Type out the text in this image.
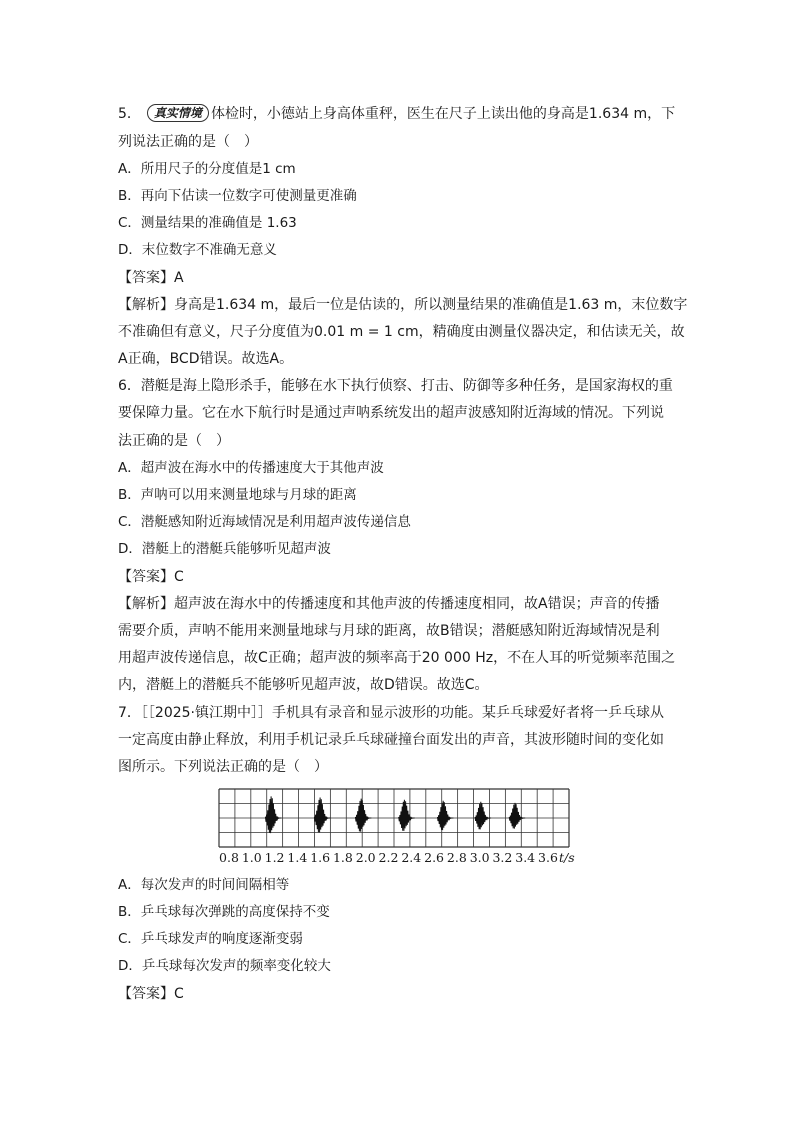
5． 真实情境 体检时，小德站上身高体重秤，医生在尺子上读出他的身高是1.634 m，下
列说法正确的是（　）
A．所用尺子的分度值是1 cm
B．再向下估读一位数字可使测量更准确
C．测量结果的准确值是 1.63
D．末位数字不准确无意义
【答案】A
【解析】身高是1.634 m，最后一位是估读的，所以测量结果的准确值是1.63 m，末位数字
不准确但有意义，尺子分度值为0.01 m = 1 cm，精确度由测量仪器决定，和估读无关，故
A正确，BCD错误。故选A。
6．潜艇是海上隐形杀手，能够在水下执行侦察、打击、防御等多种任务，是国家海权的重
要保障力量。它在水下航行时是通过声呐系统发出的超声波感知附近海域的情况。下列说
法正确的是（　）
A．超声波在海水中的传播速度大于其他声波
B．声呐可以用来测量地球与月球的距离
C．潜艇感知附近海域情况是利用超声波传递信息
D．潜艇上的潜艇兵能够听见超声波
【答案】C
【解析】超声波在海水中的传播速度和其他声波的传播速度相同，故A错误；声音的传播
需要介质，声呐不能用来测量地球与月球的距离，故B错误；潜艇感知附近海域情况是利
用超声波传递信息，故C正确；超声波的频率高于20 000 Hz，不在人耳的听觉频率范围之
内，潜艇上的潜艇兵不能够听见超声波，故D错误。故选C。
7．［［2025·镇江期中］］手机具有录音和显示波形的功能。某乒乓球爱好者将一乒乓球从
一定高度由静止释放，利用手机记录乒乓球碰撞台面发出的声音，其波形随时间的变化如
图所示。下列说法正确的是（　）
0.8 1.0 1.2 1.4 1.6 1.8 2.0 2.2 2.4 2.6 2.8 3.0 3.2 3.4 3.6 t/s
A．每次发声的时间间隔相等
B．乒乓球每次弹跳的高度保持不变
C．乒乓球发声的响度逐渐变弱
D．乒乓球每次发声的频率变化较大
【答案】C
